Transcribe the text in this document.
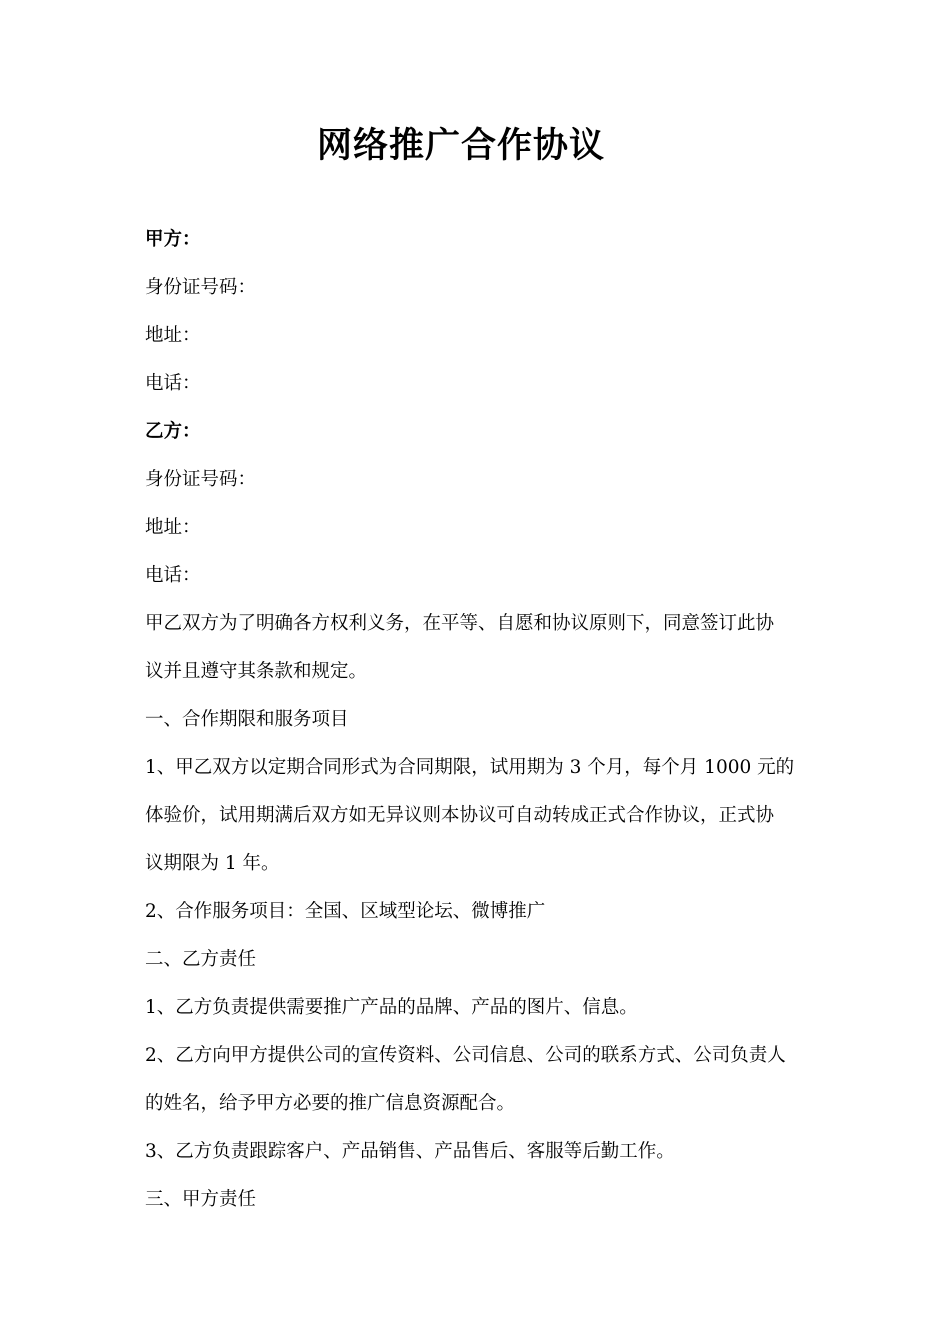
网络推广合作协议
甲方：
身份证号码：
地址：
电话：
乙方：
身份证号码：
地址：
电话：
甲乙双方为了明确各方权利义务，在平等、自愿和协议原则下，同意签订此协
议并且遵守其条款和规定。
一、合作期限和服务项目
1、甲乙双方以定期合同形式为合同期限，试用期为 3 个月，每个月 1000 元的
体验价，试用期满后双方如无异议则本协议可自动转成正式合作协议，正式协
议期限为 1 年。
2、合作服务项目：全国、区域型论坛、微博推广
二、乙方责任
1、乙方负责提供需要推广产品的品牌、产品的图片、信息。
2、乙方向甲方提供公司的宣传资料、公司信息、公司的联系方式、公司负责人
的姓名，给予甲方必要的推广信息资源配合。
3、乙方负责跟踪客户、产品销售、产品售后、客服等后勤工作。
三、甲方责任
